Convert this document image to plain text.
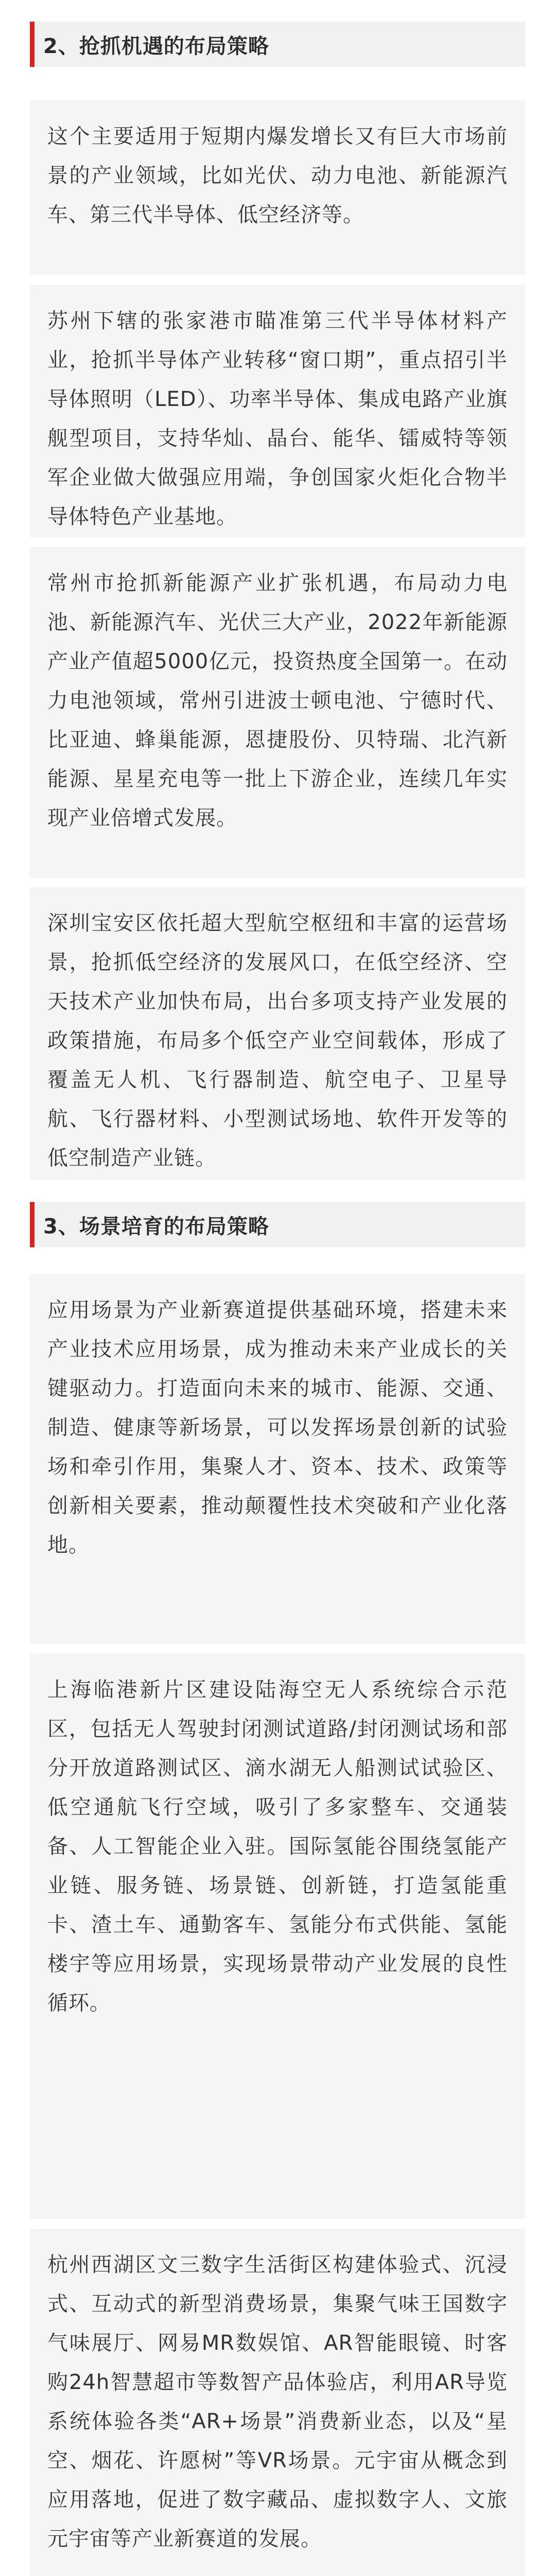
2、抢抓机遇的布局策略

这个主要适用于短期内爆发增长又有巨大市场前景的产业领域，比如光伏、动力电池、新能源汽车、第三代半导体、低空经济等。

苏州下辖的张家港市瞄准第三代半导体材料产业，抢抓半导体产业转移“窗口期”，重点招引半导体照明（LED）、功率半导体、集成电路产业旗舰型项目，支持华灿、晶台、能华、镭威特等领军企业做大做强应用端，争创国家火炬化合物半导体特色产业基地。

常州市抢抓新能源产业扩张机遇，布局动力电池、新能源汽车、光伏三大产业，2022年新能源产业产值超5000亿元，投资热度全国第一。在动力电池领域，常州引进波士顿电池、宁德时代、比亚迪、蜂巢能源，恩捷股份、贝特瑞、北汽新能源、星星充电等一批上下游企业，连续几年实现产业倍增式发展。

深圳宝安区依托超大型航空枢纽和丰富的运营场景，抢抓低空经济的发展风口，在低空经济、空天技术产业加快布局，出台多项支持产业发展的政策措施，布局多个低空产业空间载体，形成了覆盖无人机、飞行器制造、航空电子、卫星导航、飞行器材料、小型测试场地、软件开发等的低空制造产业链。

3、场景培育的布局策略

应用场景为产业新赛道提供基础环境，搭建未来产业技术应用场景，成为推动未来产业成长的关键驱动力。打造面向未来的城市、能源、交通、制造、健康等新场景，可以发挥场景创新的试验场和牵引作用，集聚人才、资本、技术、政策等创新相关要素，推动颠覆性技术突破和产业化落地。

上海临港新片区建设陆海空无人系统综合示范区，包括无人驾驶封闭测试道路/封闭测试场和部分开放道路测试区、滴水湖无人船测试试验区、低空通航飞行空域，吸引了多家整车、交通装备、人工智能企业入驻。国际氢能谷围绕氢能产业链、服务链、场景链、创新链，打造氢能重卡、渣土车、通勤客车、氢能分布式供能、氢能楼宇等应用场景，实现场景带动产业发展的良性循环。

杭州西湖区文三数字生活街区构建体验式、沉浸式、互动式的新型消费场景，集聚气味王国数字气味展厅、网易MR数娱馆、AR智能眼镜、时客购24h智慧超市等数智产品体验店，利用AR导览系统体验各类“AR+场景”消费新业态，以及“星空、烟花、许愿树”等VR场景。元宇宙从概念到应用落地，促进了数字藏品、虚拟数字人、文旅元宇宙等产业新赛道的发展。
